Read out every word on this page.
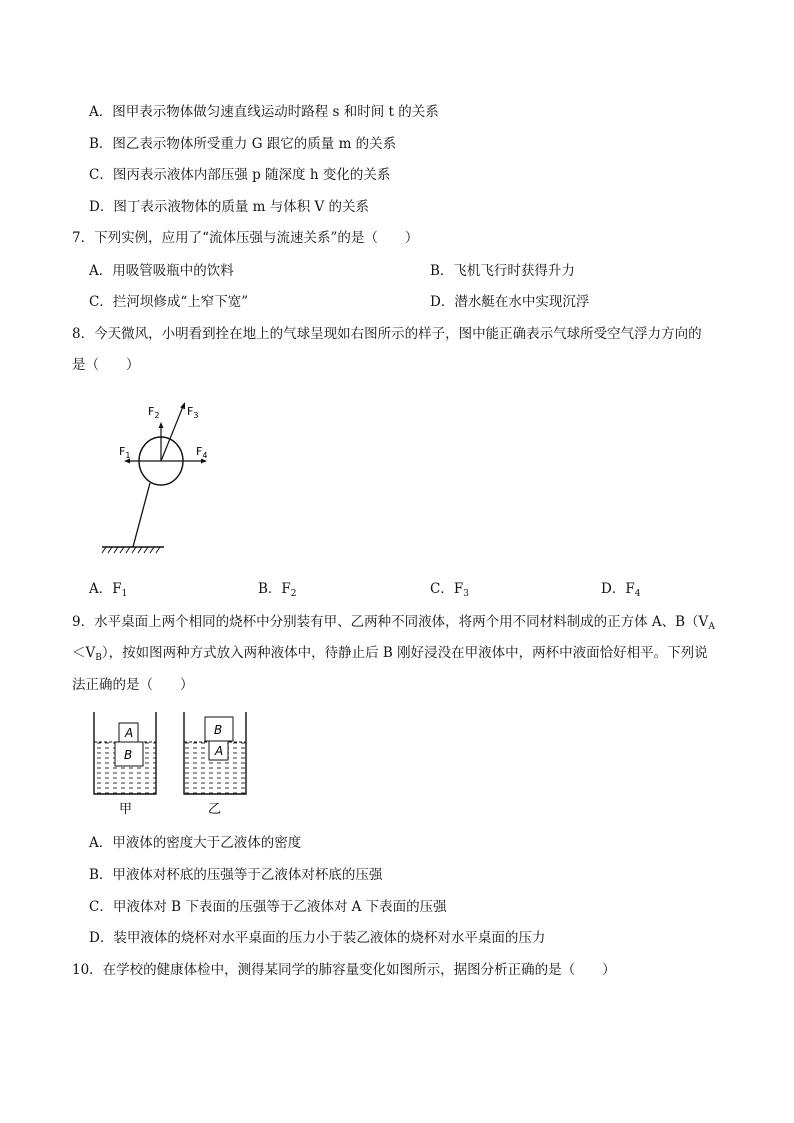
A．图甲表示物体做匀速直线运动时路程 s 和时间 t 的关系
B．图乙表示物体所受重力 G 跟它的质量 m 的关系
C．图丙表示液体内部压强 p 随深度 h 变化的关系
D．图丁表示液物体的质量 m 与体积 V 的关系
7．下列实例，应用了“流体压强与流速关系”的是（　　）
A．用吸管吸瓶中的饮料	B．飞机飞行时获得升力
C．拦河坝修成“上窄下宽”	D．潜水艇在水中实现沉浮
8．今天微风，小明看到拴在地上的气球呈现如右图所示的样子，图中能正确表示气球所受空气浮力方向的
是（　　）
$F_2$	$F_3$
$F_1$	$F_4$
A．$F_1$	B．$F_2$	C．$F_3$	D．$F_4$
9．水平桌面上两个相同的烧杯中分别装有甲、乙两种不同液体，将两个用不同材料制成的正方体 A、$B(V_A$
$<V_B$），按如图两种方式放入两种液体中，待静止后 B 刚好浸没在甲液体中，两杯中液面恰好相平。下列说
法正确的是（　　）
A
B
甲
B
A
乙
A．甲液体的密度大于乙液体的密度
B．甲液体对杯底的压强等于乙液体对杯底的压强
C．甲液体对 B 下表面的压强等于乙液体对 A 下表面的压强
D．装甲液体的烧杯对水平桌面的压力小于装乙液体的烧杯对水平桌面的压力
10．在学校的健康体检中，测得某同学的肺容量变化如图所示，据图分析正确的是（　　）
